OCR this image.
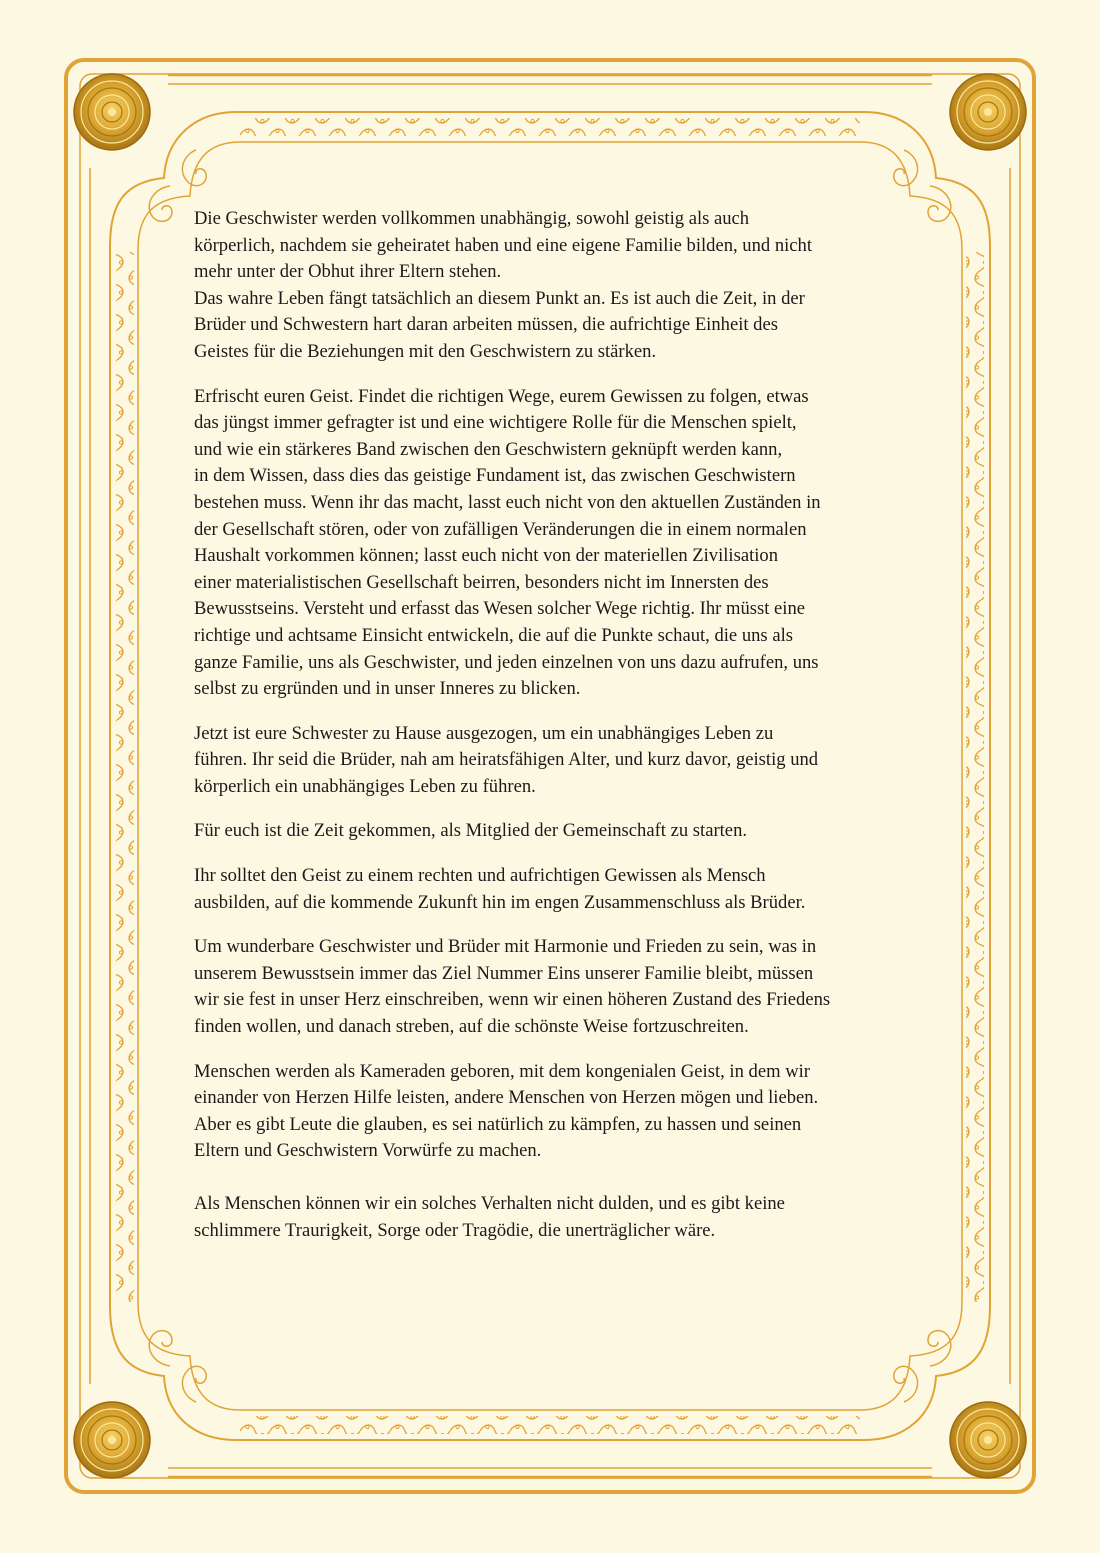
Die Geschwister werden vollkommen unabhängig, sowohl geistig als auch
körperlich, nachdem sie geheiratet haben und eine eigene Familie bilden, und nicht
mehr unter der Obhut ihrer Eltern stehen.
Das wahre Leben fängt tatsächlich an diesem Punkt an. Es ist auch die Zeit, in der
Brüder und Schwestern hart daran arbeiten müssen, die aufrichtige Einheit des
Geistes für die Beziehungen mit den Geschwistern zu stärken.

Erfrischt euren Geist. Findet die richtigen Wege, eurem Gewissen zu folgen, etwas
das jüngst immer gefragter ist und eine wichtigere Rolle für die Menschen spielt,
und wie ein stärkeres Band zwischen den Geschwistern geknüpft werden kann,
in dem Wissen, dass dies das geistige Fundament ist, das zwischen Geschwistern
bestehen muss. Wenn ihr das macht, lasst euch nicht von den aktuellen Zuständen in
der Gesellschaft stören, oder von zufälligen Veränderungen die in einem normalen
Haushalt vorkommen können; lasst euch nicht von der materiellen Zivilisation
einer materialistischen Gesellschaft beirren, besonders nicht im Innersten des
Bewusstseins. Versteht und erfasst das Wesen solcher Wege richtig. Ihr müsst eine
richtige und achtsame Einsicht entwickeln, die auf die Punkte schaut, die uns als
ganze Familie, uns als Geschwister, und jeden einzelnen von uns dazu aufrufen, uns
selbst zu ergründen und in unser Inneres zu blicken.

Jetzt ist eure Schwester zu Hause ausgezogen, um ein unabhängiges Leben zu
führen. Ihr seid die Brüder, nah am heiratsfähigen Alter, und kurz davor, geistig und
körperlich ein unabhängiges Leben zu führen.

Für euch ist die Zeit gekommen, als Mitglied der Gemeinschaft zu starten.

Ihr solltet den Geist zu einem rechten und aufrichtigen Gewissen als Mensch
ausbilden, auf die kommende Zukunft hin im engen Zusammenschluss als Brüder.

Um wunderbare Geschwister und Brüder mit Harmonie und Frieden zu sein, was in
unserem Bewusstsein immer das Ziel Nummer Eins unserer Familie bleibt, müssen
wir sie fest in unser Herz einschreiben, wenn wir einen höheren Zustand des Friedens
finden wollen, und danach streben, auf die schönste Weise fortzuschreiten.

Menschen werden als Kameraden geboren, mit dem kongenialen Geist, in dem wir
einander von Herzen Hilfe leisten, andere Menschen von Herzen mögen und lieben.
Aber es gibt Leute die glauben, es sei natürlich zu kämpfen, zu hassen und seinen
Eltern und Geschwistern Vorwürfe zu machen.

Als Menschen können wir ein solches Verhalten nicht dulden, und es gibt keine
schlimmere Traurigkeit, Sorge oder Tragödie, die unerträglicher wäre.
